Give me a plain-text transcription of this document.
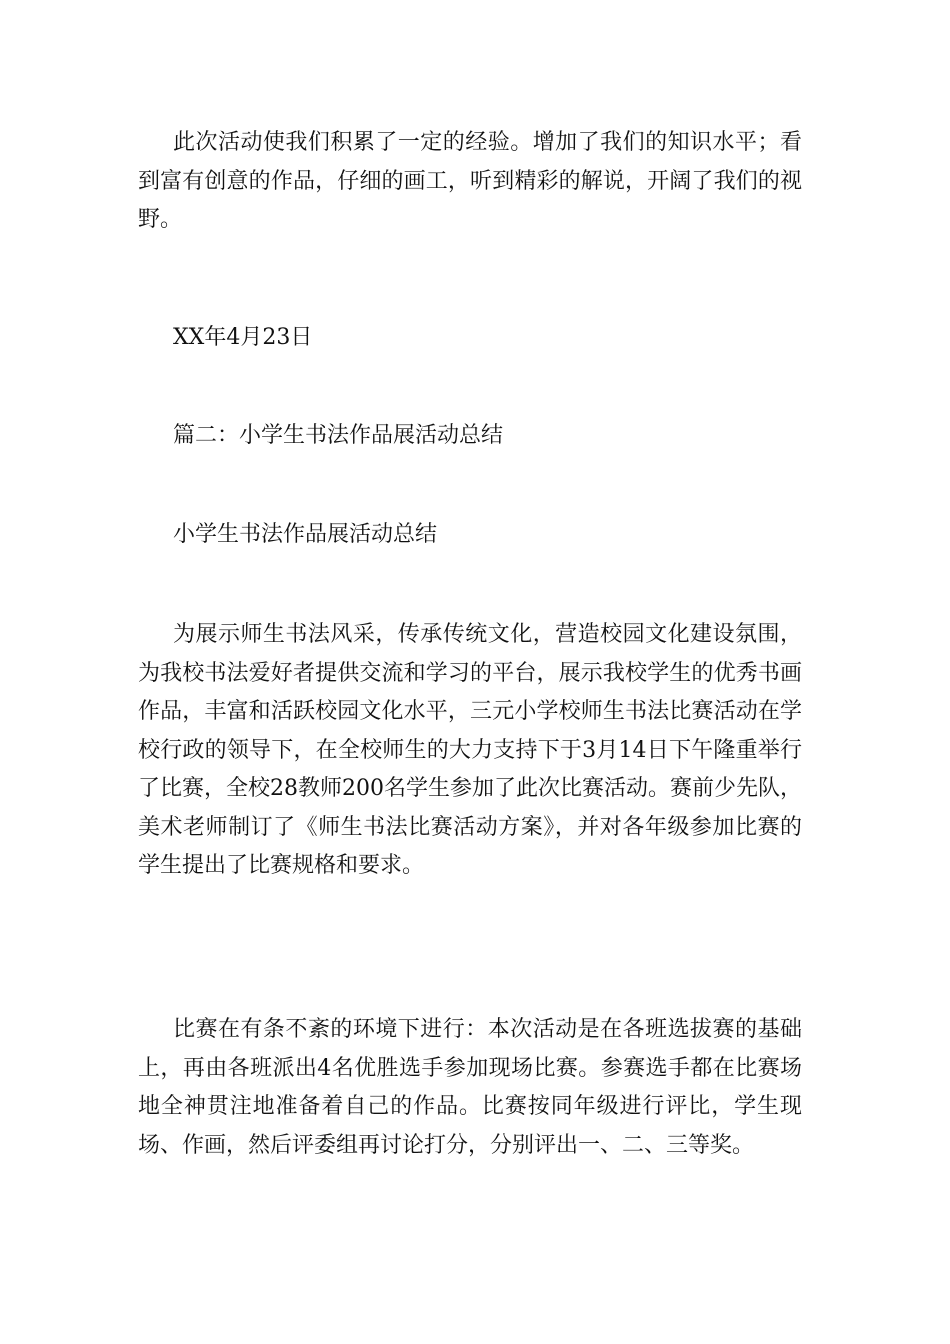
此次活动使我们积累了一定的经验。增加了我们的知识水平；看到富有创意的作品，仔细的画工，听到精彩的解说，开阔了我们的视野。

XX年4月23日

篇二：小学生书法作品展活动总结

小学生书法作品展活动总结

为展示师生书法风采，传承传统文化，营造校园文化建设氛围，为我校书法爱好者提供交流和学习的平台，展示我校学生的优秀书画作品，丰富和活跃校园文化水平，三元小学校师生书法比赛活动在学校行政的领导下，在全校师生的大力支持下于3月14日下午隆重举行了比赛，全校28教师200名学生参加了此次比赛活动。赛前少先队，美术老师制订了《师生书法比赛活动方案》，并对各年级参加比赛的学生提出了比赛规格和要求。

比赛在有条不紊的环境下进行：本次活动是在各班选拔赛的基础上，再由各班派出4名优胜选手参加现场比赛。参赛选手都在比赛场地全神贯注地准备着自己的作品。比赛按同年级进行评比，学生现场、作画，然后评委组再讨论打分，分别评出一、二、三等奖。
